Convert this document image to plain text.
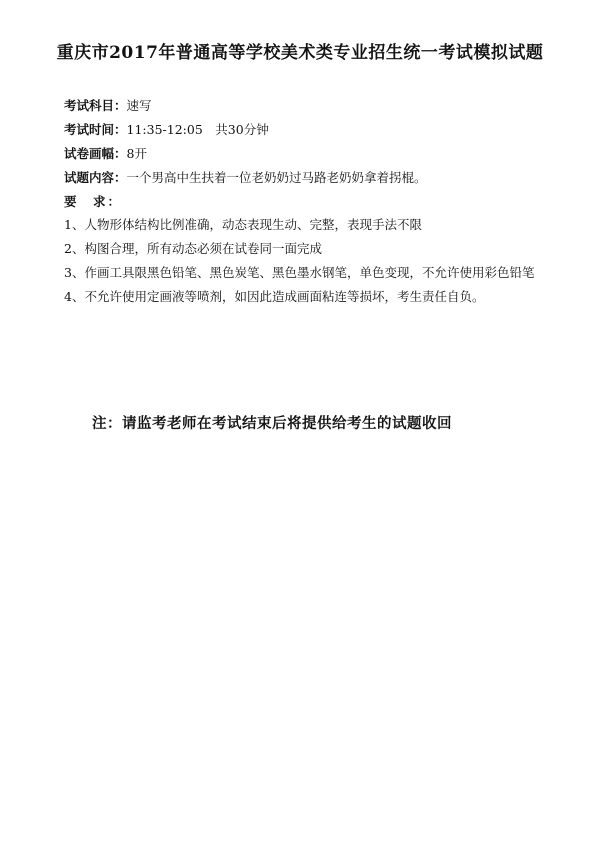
重庆市2017年普通高等学校美术类专业招生统一考试模拟试题
考试科目：速写
考试时间：11:35-12:05　共30分钟
试卷画幅：8开
试题内容：一个男高中生扶着一位老奶奶过马路老奶奶拿着拐棍。
要　求：

1、人物形体结构比例准确，动态表现生动、完整，表现手法不限

2、构图合理，所有动态必须在试卷同一面完成

3、作画工具限黑色铅笔、黑色炭笔、黑色墨水钢笔，单色变现，不允许使用彩色铅笔

4、不允许使用定画液等喷剂，如因此造成画面粘连等损坏，考生责任自负。

注：请监考老师在考试结束后将提供给考生的试题收回
